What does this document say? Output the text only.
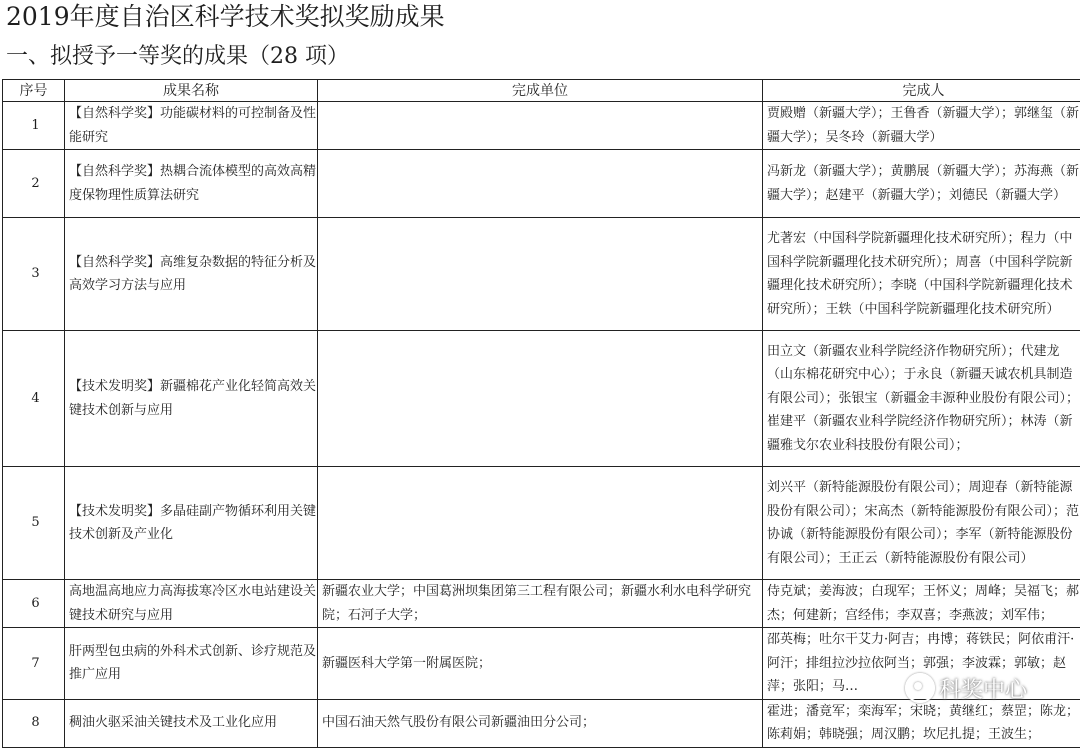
2019年度自治区科学技术奖拟奖励成果
一、拟授予一等奖的成果（28 项）
序号	成果名称	完成单位	完成人
1	【自然科学奖】功能碳材料的可控制备及性能研究		贾殿赠（新疆大学）；王鲁香（新疆大学）；郭继玺（新疆大学）；吴冬玲（新疆大学）
2	【自然科学奖】热耦合流体模型的高效高精度保物理性质算法研究		冯新龙（新疆大学）；黄鹏展（新疆大学）；苏海燕（新疆大学）；赵建平（新疆大学）；刘德民（新疆大学）
3	【自然科学奖】高维复杂数据的特征分析及高效学习方法与应用		尤著宏（中国科学院新疆理化技术研究所）；程力（中国科学院新疆理化技术研究所）；周喜（中国科学院新疆理化技术研究所）；李晓（中国科学院新疆理化技术研究所）；王轶（中国科学院新疆理化技术研究所）
4	【技术发明奖】新疆棉花产业化轻简高效关键技术创新与应用		田立文（新疆农业科学院经济作物研究所）；代建龙（山东棉花研究中心）；于永良（新疆天诚农机具制造有限公司）；张银宝（新疆金丰源种业股份有限公司）；崔建平（新疆农业科学院经济作物研究所）；林涛（新疆雅戈尔农业科技股份有限公司）；
5	【技术发明奖】多晶硅副产物循环利用关键技术创新及产业化		刘兴平（新特能源股份有限公司）；周迎春（新特能源股份有限公司）；宋高杰（新特能源股份有限公司）；范协诚（新特能源股份有限公司）；李军（新特能源股份有限公司）；王正云（新特能源股份有限公司）
6	高地温高地应力高海拔寒冷区水电站建设关键技术研究与应用	新疆农业大学；中国葛洲坝集团第三工程有限公司；新疆水利水电科学研究院；石河子大学；	侍克斌；姜海波；白现军；王怀义；周峰；吴福飞；郝杰；何建新；宫经伟；李双喜；李燕波；刘军伟；
7	肝两型包虫病的外科术式创新、诊疗规范及推广应用	新疆医科大学第一附属医院；	邵英梅；吐尔干艾力·阿吉；冉博；蒋铁民；阿依甫汗·阿汗；排组拉沙拉依阿当；郭强；李波霖；郭敏；赵萍；张阳；马…
8	稠油火驱采油关键技术及工业化应用	中国石油天然气股份有限公司新疆油田分公司；	霍进；潘竟军；栾海军；宋晓；黄继红；蔡罡；陈龙；陈莉娟；韩晓强；周汉鹏；坎尼扎提；王波生；
科奖中心
